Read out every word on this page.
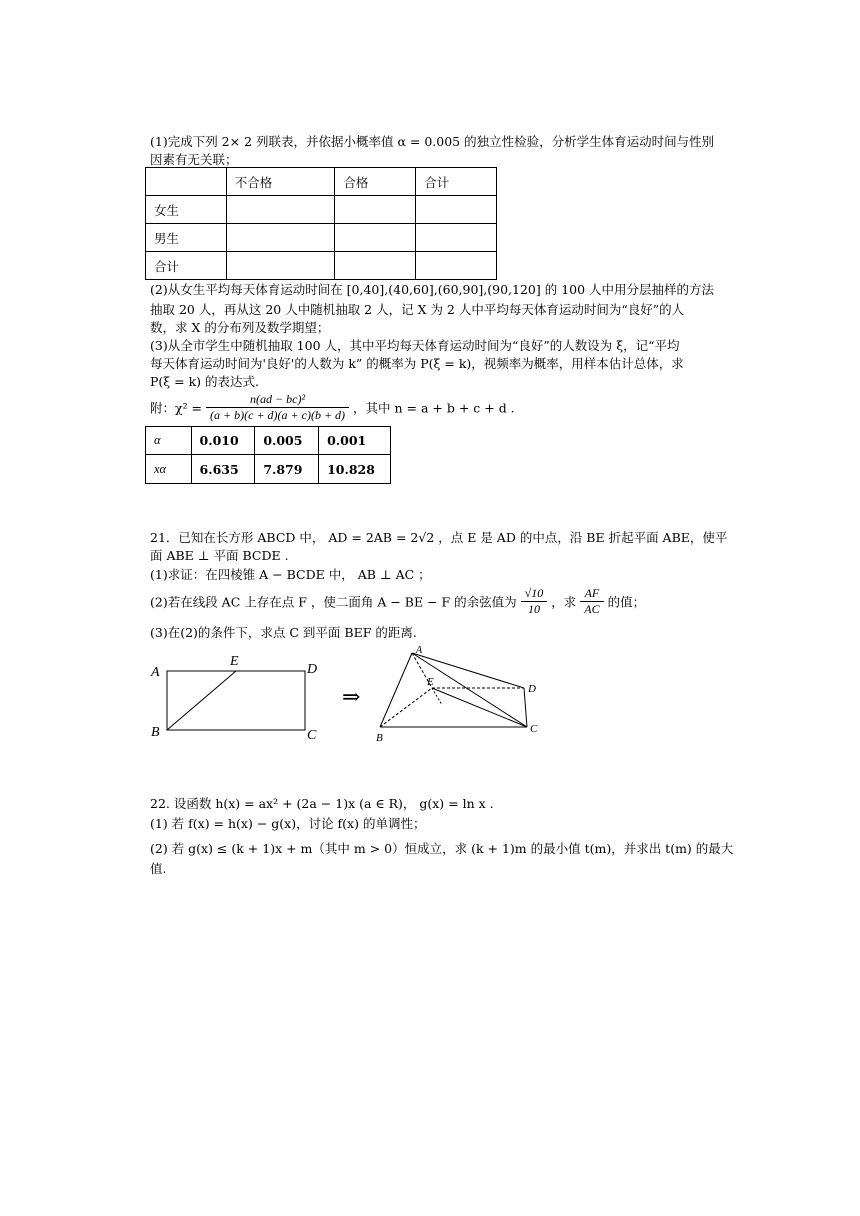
(1)完成下列 2× 2 列联表，并依据小概率值 α = 0.005 的独立性检验，分析学生体育运动时间与性别
因素有无关联；
	不合格	合格	合计
女生			
男生			
合计			
(2)从女生平均每天体育运动时间在 [0,40],(40,60],(60,90],(90,120] 的 100 人中用分层抽样的方法
抽取 20 人，再从这 20 人中随机抽取 2 人，记 X 为 2 人中平均每天体育运动时间为“良好”的人
数，求 X 的分布列及数学期望；
(3)从全市学生中随机抽取 100 人，其中平均每天体育运动时间为“良好”的人数设为 ξ，记“平均
每天体育运动时间为'良好'的人数为 k” 的概率为 P(ξ = k)，视频率为概率，用样本估计总体，求
P(ξ = k) 的表达式.
附：$\chi^2 = \frac{\text{n(ad − bc)²}}{(a + b)(c + d)(a + c)(b + d)}$ ，其中 n = a + b + c + d .
α	0.010	0.005	0.001
xα	6.635	7.879	10.828
21．已知在长方形 ABCD 中， AD = 2AB = 2√2 ，点 E 是 AD 的中点，沿 BE 折起平面 ABE，使平
面 ABE ⊥ 平面 BCDE .
(1)求证：在四棱锥 A − BCDE 中， AB ⊥ AC ；
(2)若在线段 AC 上存在点 F ，使二面角 A − BE − F 的余弦值为 $\frac{√10}{10}$ ，求 $\frac{AF}{AC}$ 的值；
(3)在(2)的条件下，求点 C 到平面 BEF 的距离.
A
E
D
B	C
⇒
A
E
D
B
C
22. 设函数 h(x) = ax² + (2a − 1)x (a ∈ R)， g(x) = ln x .
(1) 若 f(x) = h(x) − g(x)，讨论 f(x) 的单调性；
(2) 若 g(x) ≤ (k + 1)x + m（其中 m > 0）恒成立，求 (k + 1)m 的最小值 t(m)，并求出 t(m) 的最大
值.
